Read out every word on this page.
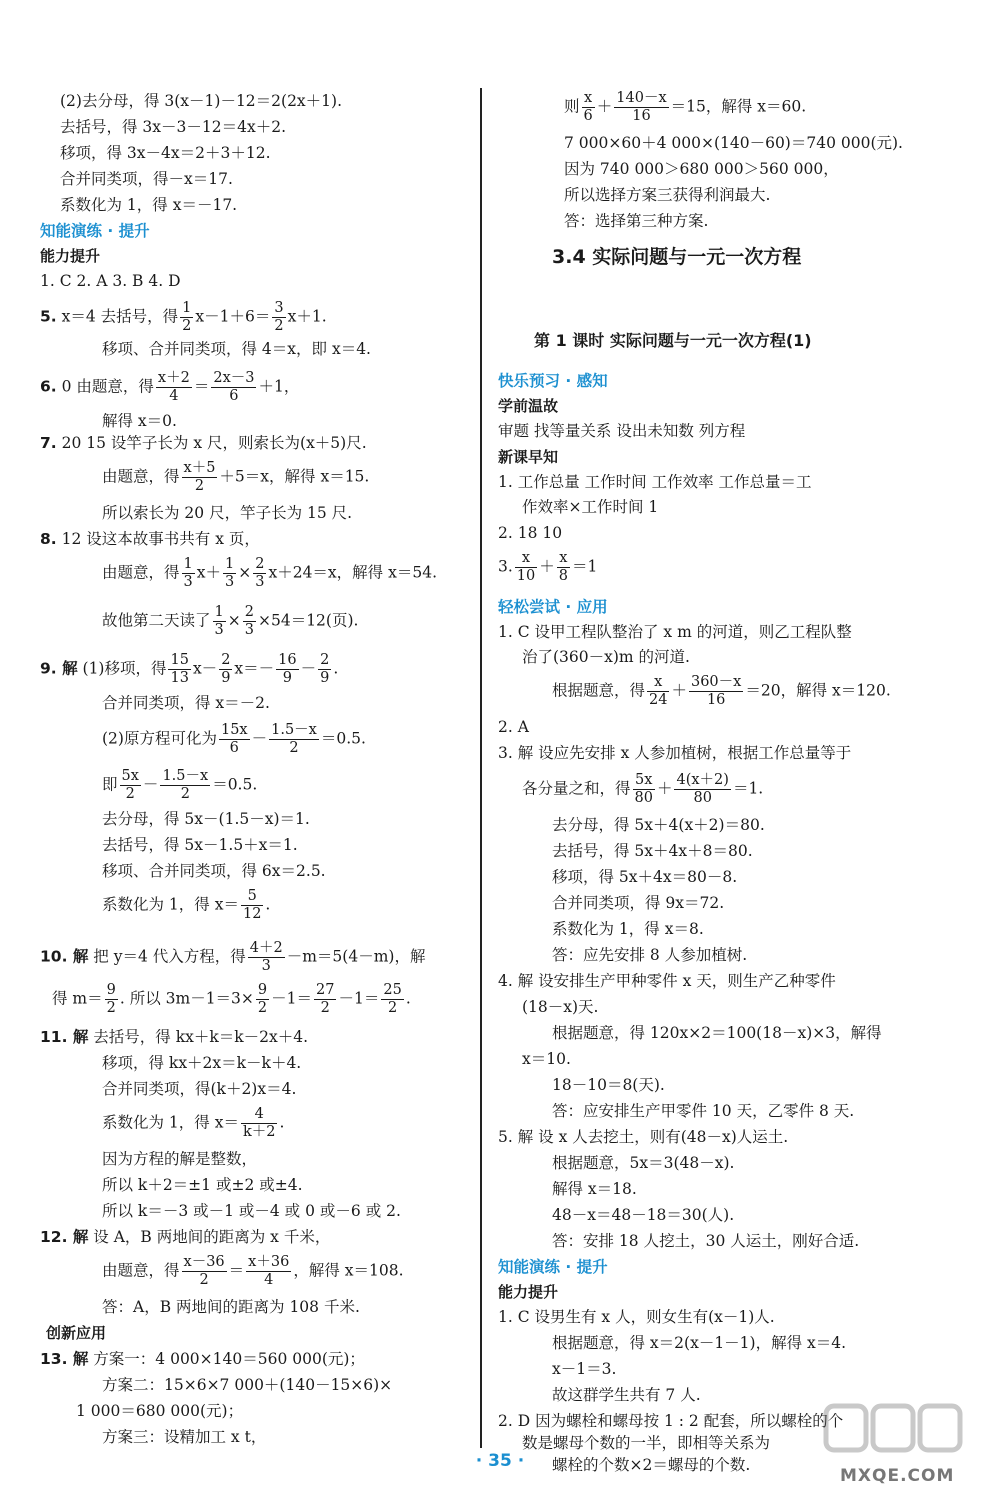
(2)去分母，得 3(x－1)－12＝2(2x＋1).
去括号，得 3x－3－12＝4x＋2.
移项，得 3x－4x＝2＋3＋12.
合并同类项，得－x＝17.
系数化为 1，得 x＝－17.
知能演练 · 提升
能力提升
1. C 2. A 3. B 4. D
5. x＝4 去括号，得 $\frac{1}{2} x-1+6= \frac{3}{2} x+1$.
移项、合并同类项，得 4＝x，即 x＝4.
6. 0 由题意，得 $\frac{x+2}{4} = \frac{2x-3}{6} +1$，
解得 x＝0.
7. 20 15 设竿子长为 x 尺，则索长为(x＋5)尺.
由题意，得 $\frac{x+5}{2} +5=x$，解得 x＝15.
所以索长为 20 尺，竿子长为 15 尺.
8. 12 设这本故事书共有 x 页，
由题意，得 $\frac{1}{3} x+ \frac{1}{3} \times \frac{2}{3} x+24=x$，解得 x＝54.
故他第二天读了 $\frac{1}{3} \times \frac{2}{3} \times 54=12$(页).
9. 解 (1)移项，得 $\frac{15}{13} x- \frac{2}{9} x=- \frac{16}{9} - \frac{2}{9}$ .
合并同类项，得 x＝－2.
(2)原方程可化为 $\frac{15x}{6} - \frac{1.5-x}{2} =0.5$.
即 $\frac{5x}{2} - \frac{1.5-x}{2} =0.5$.
去分母，得 5x－(1.5－x)＝1.
去括号，得 5x－1.5＋x＝1.
移项、合并同类项，得 6x＝2.5.
系数化为 1，得 $x= \frac{5}{12}$ .
10. 解 把 y＝4 代入方程，得 $\frac{4+2}{3} -m=5(4-m)$，解
得 $m= \frac{9}{2}$ . 所以 $3m-1=3\times \frac{9}{2} -1= \frac{27}{2} -1= \frac{25}{2}$ .
11. 解 去括号，得 kx＋k＝k－2x＋4.
移项，得 kx＋2x＝k－k＋4.
合并同类项，得(k＋2)x＝4.
系数化为 1，得 $x= \frac{4}{k+2}$ .
因为方程的解是整数，
所以 k＋2＝±1 或±2 或±4.
所以 k＝－3 或－1 或－4 或 0 或－6 或 2.
12. 解 设 A，B 两地间的距离为 x 千米，
由题意，得 $\frac{x-36}{2} = \frac{x+36}{4}$ ，解得 x＝108.
答：A，B 两地间的距离为 108 千米.
创新应用
13. 解 方案一：4 000×140＝560 000(元)；
方案二：15×6×7 000＋(140－15×6)×
1 000＝680 000(元)；
方案三：设精加工 x t，
则 $\frac{x}{6} + \frac{140-x}{16} =15$，解得 x＝60.
7 000×60＋4 000×(140－60)＝740 000(元).
因为 740 000＞680 000＞560 000，
所以选择方案三获得利润最大.
答：选择第三种方案.
3.4 实际问题与一元一次方程
第 1 课时 实际问题与一元一次方程(1)
快乐预习 · 感知
学前温故
审题 找等量关系 设出未知数 列方程
新课早知
1. 工作总量 工作时间 工作效率 工作总量＝工
作效率×工作时间 1
2. 18 10
3. $\frac{x}{10} + \frac{x}{8} =1$
轻松尝试 · 应用
1. C 设甲工程队整治了 x m 的河道，则乙工程队整
治了(360－x)m 的河道.
根据题意，得 $\frac{x}{24} + \frac{360-x}{16} =20$，解得 x＝120.
2. A
3. 解 设应先安排 x 人参加植树，根据工作总量等于
各分量之和，得 $\frac{5x}{80} + \frac{4(x+2)}{80} =1$.
去分母，得 5x＋4(x＋2)＝80.
去括号，得 5x＋4x＋8＝80.
移项，得 5x＋4x＝80－8.
合并同类项，得 9x＝72.
系数化为 1，得 x＝8.
答：应先安排 8 人参加植树.
4. 解 设安排生产甲种零件 x 天，则生产乙种零件
(18－x)天.
根据题意，得 120x×2＝100(18－x)×3，解得
x＝10.
18－10＝8(天).
答：应安排生产甲零件 10 天，乙零件 8 天.
5. 解 设 x 人去挖土，则有(48－x)人运土.
根据题意，5x＝3(48－x).
解得 x＝18.
48－x＝48－18＝30(人).
答：安排 18 人挖土，30 人运土，刚好合适.
知能演练 · 提升
能力提升
1. C 设男生有 x 人，则女生有(x－1)人.
根据题意，得 x＝2(x－1－1)，解得 x＝4.
x－1＝3.
故这群学生共有 7 人.
2. D 因为螺栓和螺母按 1 : 2 配套，所以螺栓的个
数是螺母个数的一半，即相等关系为
螺栓的个数×2＝螺母的个数.
· 35 ·
MXQE.COM
